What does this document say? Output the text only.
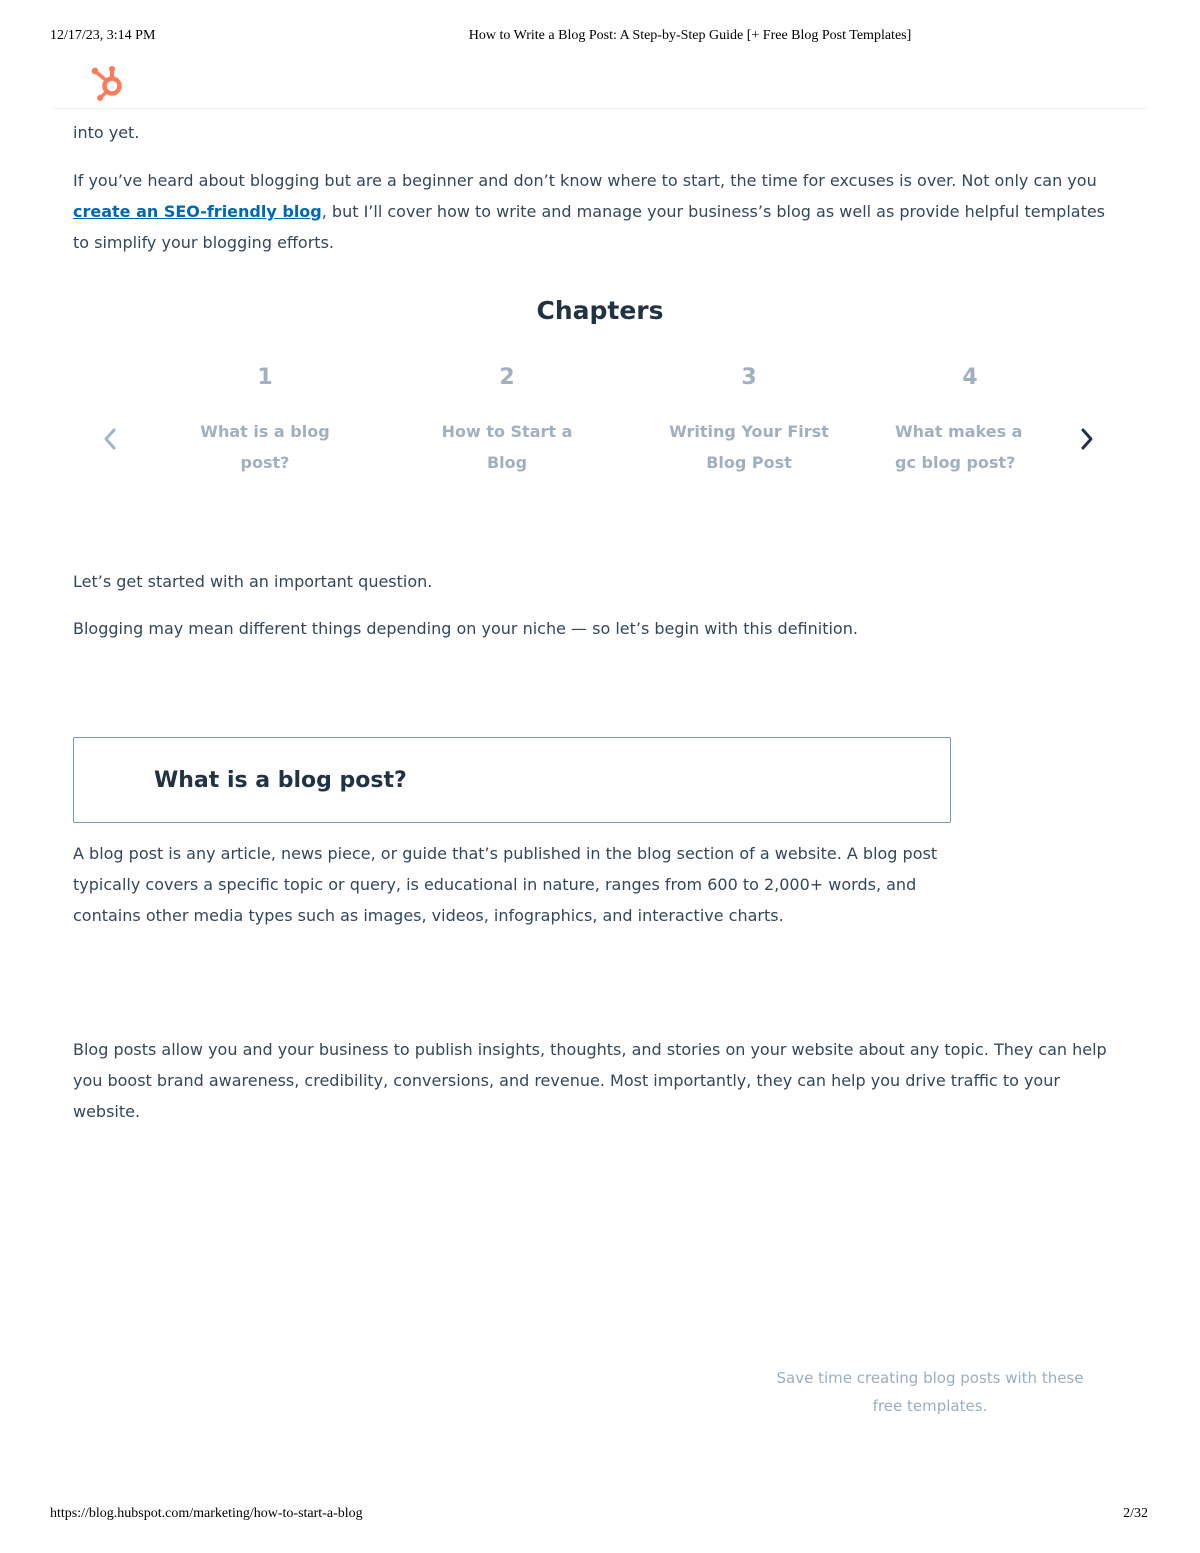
12/17/23, 3:14 PM	How to Write a Blog Post: A Step-by-Step Guide [+ Free Blog Post Templates]
into yet.
If you’ve heard about blogging but are a beginner and don’t know where to start, the time for excuses is over. Not only can you create an SEO-friendly blog, but I’ll cover how to write and manage your business’s blog as well as provide helpful templates to simplify your blogging efforts.
Chapters
1
What is a blog post?
2
How to Start a Blog
3
Writing Your First Blog Post
4
What makes a gc blog post?
Let’s get started with an important question.
Blogging may mean different things depending on your niche — so let’s begin with this definition.
What is a blog post?
A blog post is any article, news piece, or guide that’s published in the blog section of a website. A blog post typically covers a specific topic or query, is educational in nature, ranges from 600 to 2,000+ words, and contains other media types such as images, videos, infographics, and interactive charts.
Blog posts allow you and your business to publish insights, thoughts, and stories on your website about any topic. They can help you boost brand awareness, credibility, conversions, and revenue. Most importantly, they can help you drive traffic to your website.
Save time creating blog posts with these free templates.
https://blog.hubspot.com/marketing/how-to-start-a-blog	2/32
